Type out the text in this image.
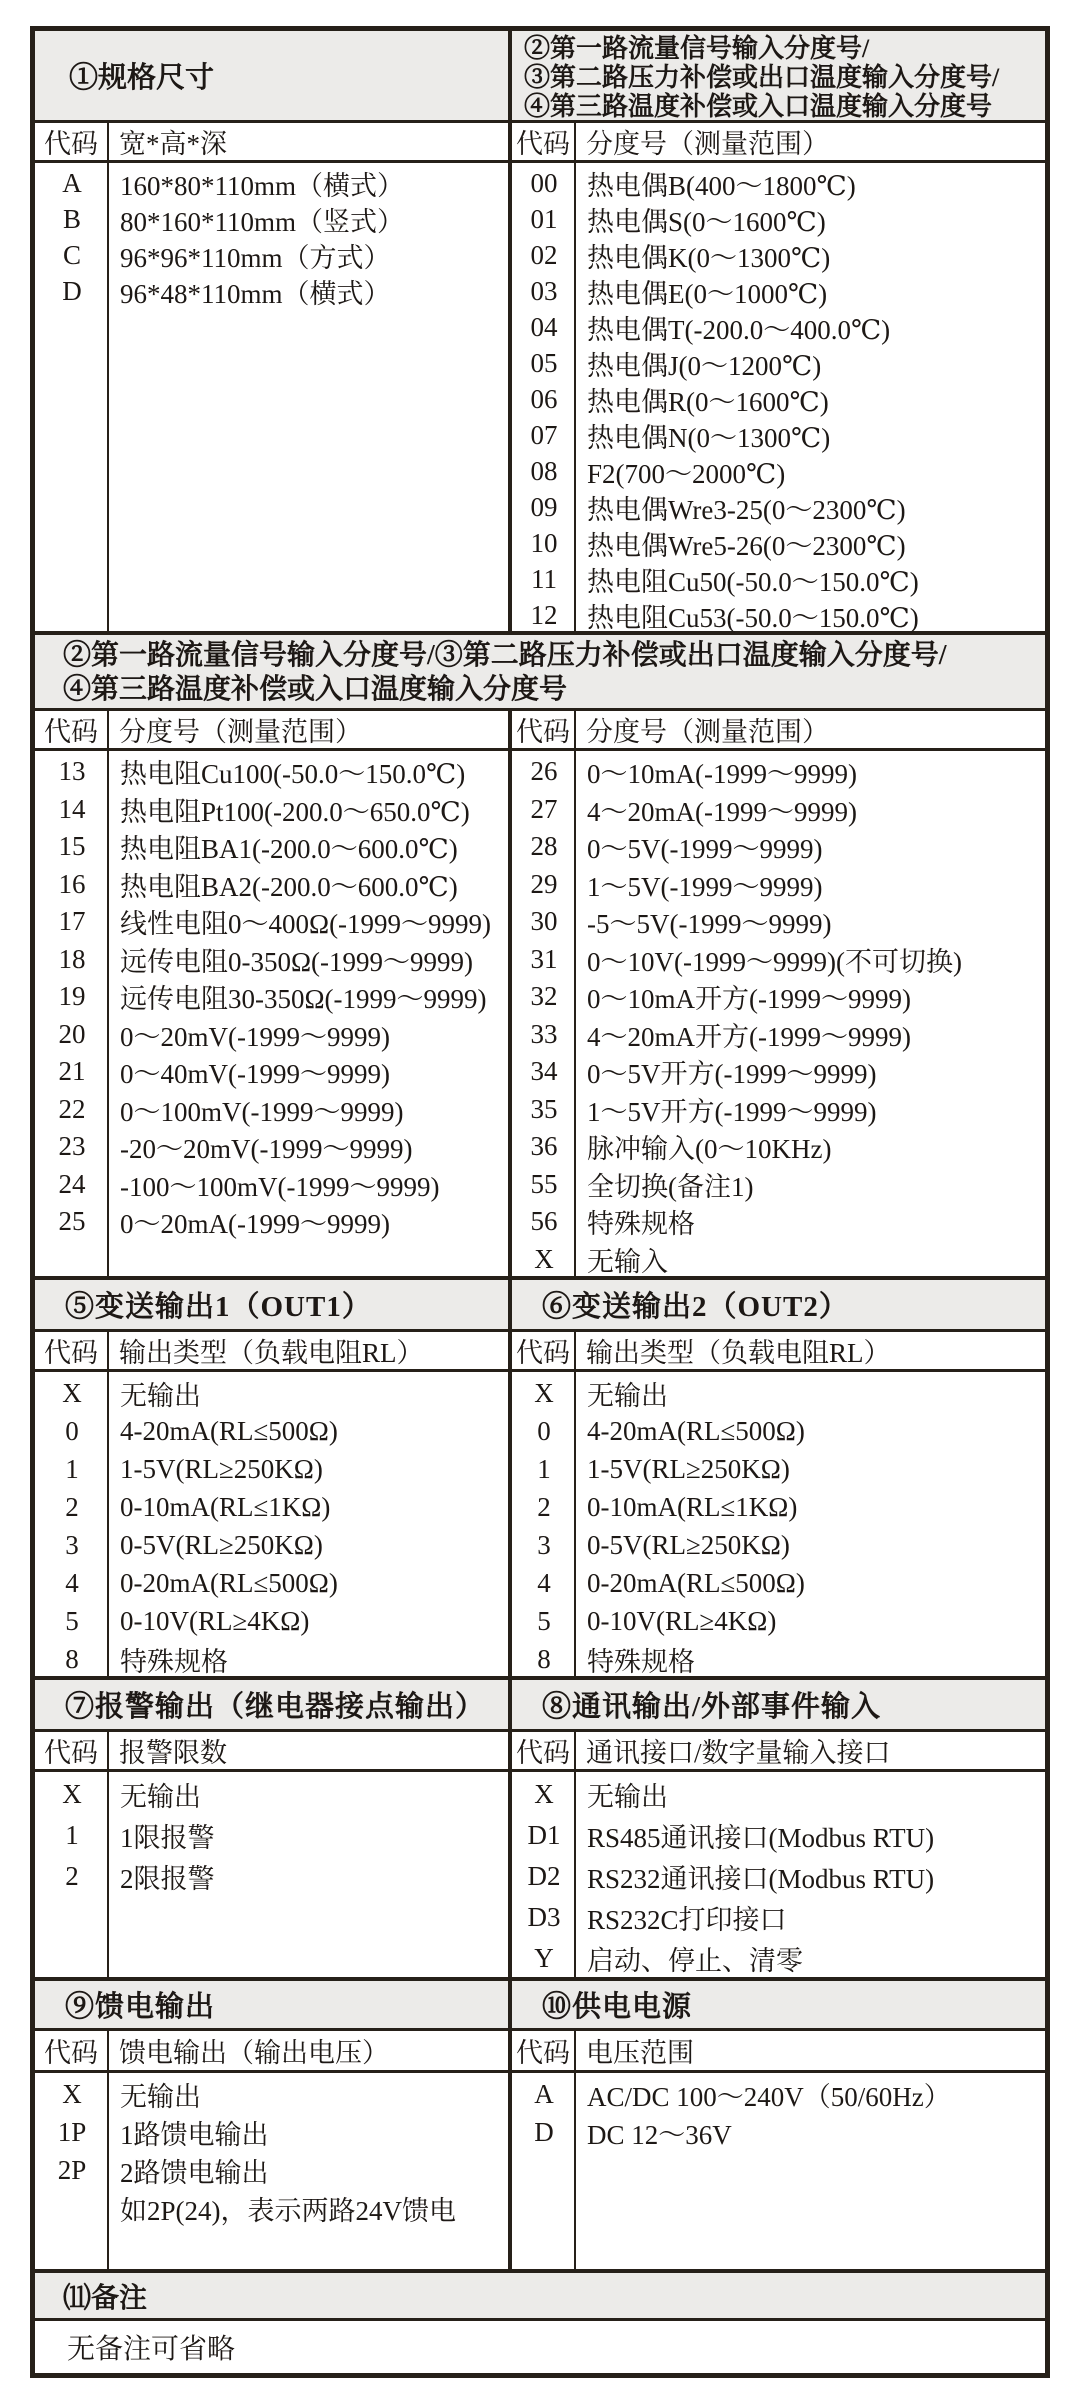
①规格尺寸
②第一路流量信号输入分度号/
③第二路压力补偿或出口温度输入分度号/
④第三路温度补偿或入口温度输入分度号
代码 宽*高*深
A	160*80*110mm（横式）
B	80*160*110mm（竖式）
C	96*96*110mm（方式）
D	96*48*110mm（横式）
代码 分度号（测量范围）
00	热电偶B(400～1800℃)
01	热电偶S(0～1600℃)
02	热电偶K(0～1300℃)
03	热电偶E(0～1000℃)
04	热电偶T(-200.0～400.0℃)
05	热电偶J(0～1200℃)
06	热电偶R(0～1600℃)
07	热电偶N(0～1300℃)
08	F2(700～2000℃)
09	热电偶Wre3-25(0～2300℃)
10	热电偶Wre5-26(0～2300℃)
11	热电阻Cu50(-50.0～150.0℃)
12	热电阻Cu53(-50.0～150.0℃)
②第一路流量信号输入分度号/③第二路压力补偿或出口温度输入分度号/
④第三路温度补偿或入口温度输入分度号
代码 分度号（测量范围）
13	热电阻Cu100(-50.0～150.0℃)
14	热电阻Pt100(-200.0～650.0℃)
15	热电阻BA1(-200.0～600.0℃)
16	热电阻BA2(-200.0～600.0℃)
17	线性电阻0～400Ω(-1999～9999)
18	远传电阻0-350Ω(-1999～9999)
19	远传电阻30-350Ω(-1999～9999)
20	0～20mV(-1999～9999)
21	0～40mV(-1999～9999)
22	0～100mV(-1999～9999)
23	-20～20mV(-1999～9999)
24	-100～100mV(-1999～9999)
25	0～20mA(-1999～9999)
代码 分度号（测量范围）
26	0～10mA(-1999～9999)
27	4～20mA(-1999～9999)
28	0～5V(-1999～9999)
29	1～5V(-1999～9999)
30	-5～5V(-1999～9999)
31	0～10V(-1999～9999)(不可切换)
32	0～10mA开方(-1999～9999)
33	4～20mA开方(-1999～9999)
34	0～5V开方(-1999～9999)
35	1～5V开方(-1999～9999)
36	脉冲输入(0～10KHz)
55	全切换(备注1)
56	特殊规格
X	无输入
⑤变送输出1（OUT1）
代码 输出类型（负载电阻RL）
X	无输出
0	4-20mA(RL≤500Ω)
1	1-5V(RL≥250KΩ)
2	0-10mA(RL≤1KΩ)
3	0-5V(RL≥250KΩ)
4	0-20mA(RL≤500Ω)
5	0-10V(RL≥4KΩ)
8	特殊规格
⑥变送输出2（OUT2）
代码 输出类型（负载电阻RL）
X	无输出
0	4-20mA(RL≤500Ω)
1	1-5V(RL≥250KΩ)
2	0-10mA(RL≤1KΩ)
3	0-5V(RL≥250KΩ)
4	0-20mA(RL≤500Ω)
5	0-10V(RL≥4KΩ)
8	特殊规格
⑦报警输出（继电器接点输出）
代码 报警限数
X	无输出
1	1限报警
2	2限报警
⑧通讯输出/外部事件输入
代码 通讯接口/数字量输入接口
X	无输出
D1 RS485通讯接口(Modbus RTU)
D2 RS232通讯接口(Modbus RTU)
D3 RS232C打印接口
Y	启动、停止、清零
⑨馈电输出
代码 馈电输出（输出电压）
X	无输出
1P	1路馈电输出
2P	2路馈电输出
如2P(24)，表示两路24V馈电
⑩供电电源
代码 电压范围
A	AC/DC 100～240V（50/60Hz）
D	DC 12～36V
⑾备注
无备注可省略
